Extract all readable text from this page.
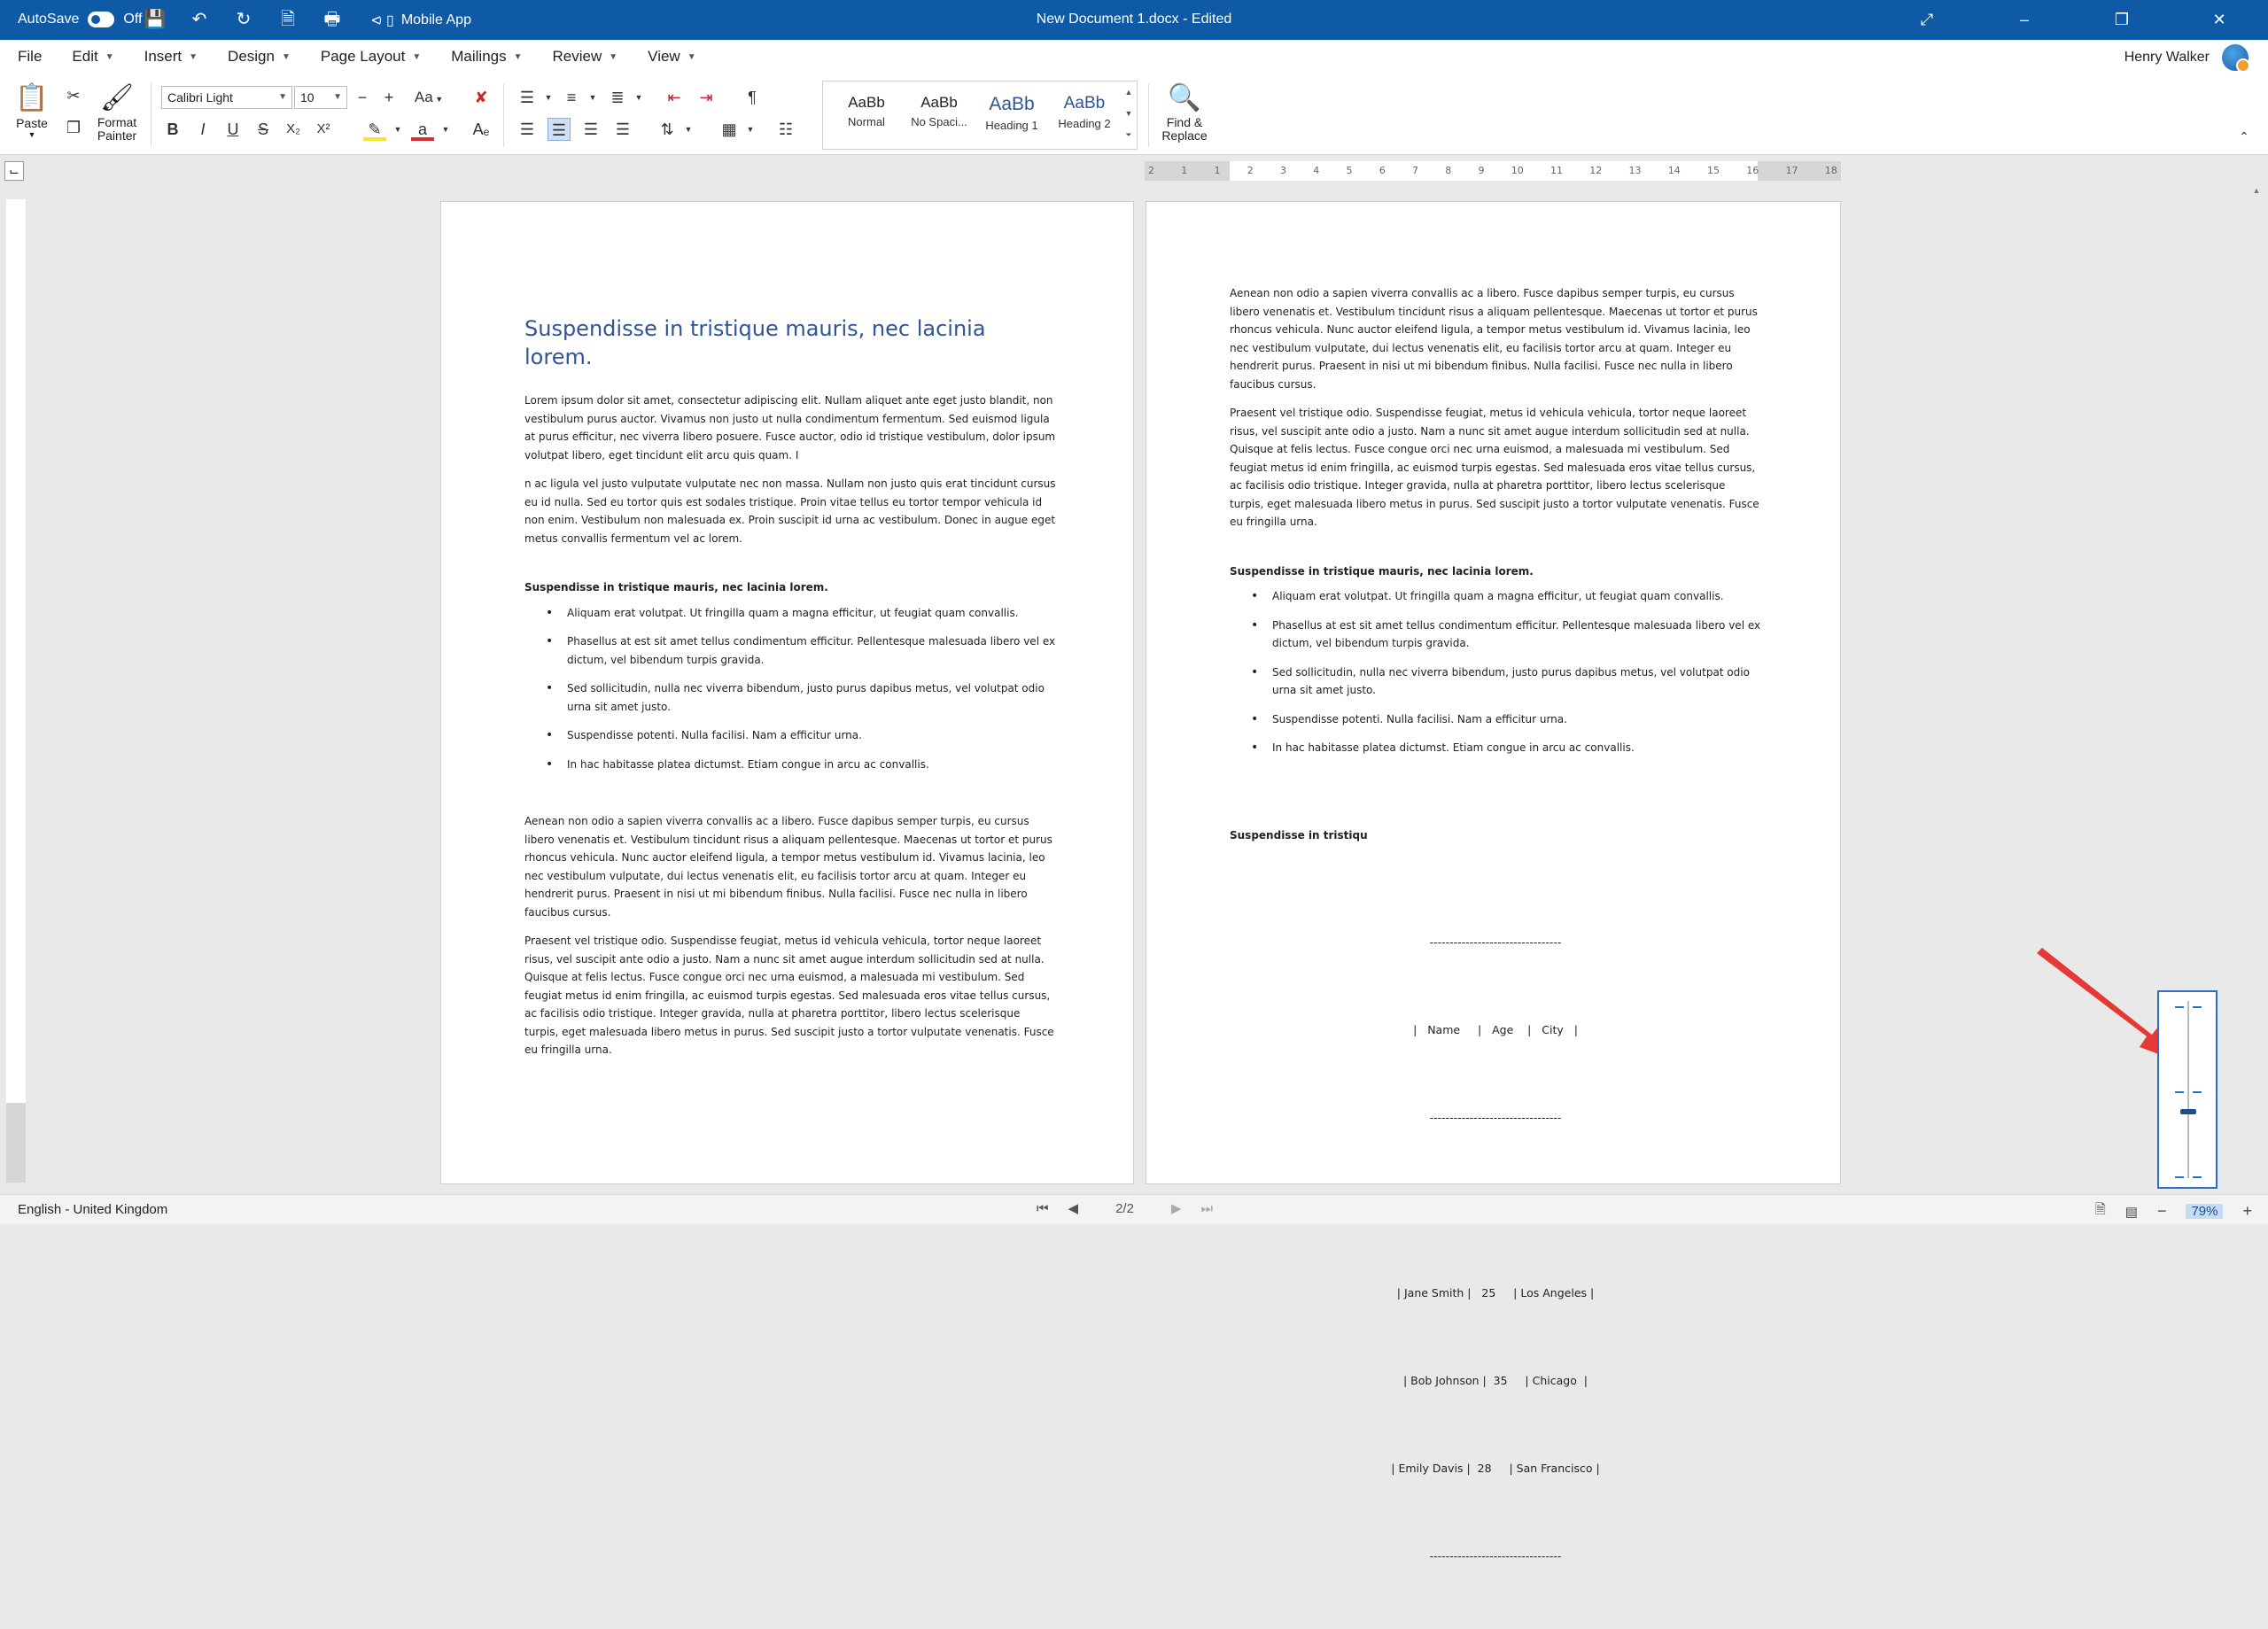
AutoSave	Off 💾	↶	↻	🗎	🖶	⪦ ▯ Mobile App	New Document 1.docx - Edited	⤢	–	❐	✕
File Edit ▼ Insert ▼ Design ▼ Page Layout ▼ Mailings ▼ Review ▼ View ▼	Henry Walker
📋
Paste
▼
✂
❐
🖌
Format
Painter
Calibri Light	▼	10 ▼ −	+	Aa ▼	✘
B	I	U	S	X₂	X²	✎	▼	a	▼	Aₑ
☰	▼ ≡	▼ ≣	▼	⇤	⇥	¶
☰ ☰ ☰ ☰	⇅	▼	▦	▼	☷
AaBb
Normal
AaBb
No Spaci...
AaBb
Heading 1
AaBb
Heading 2
▲
▼
⏷
🔍
Find &
Replace	⌃
⌙	2	1	1	2	3	4	5	6	7	8	9	10	11	12	13	14	15	16	17	18
Suspendisse in tristique mauris, nec lacinia lorem.

Lorem ipsum dolor sit amet, consectetur adipiscing elit. Nullam aliquet ante eget justo blandit, non vestibulum purus auctor. Vivamus non justo ut nulla condimentum fermentum. Sed euismod ligula at purus efficitur, nec viverra libero posuere. Fusce auctor, odio id tristique vestibulum, dolor ipsum volutpat libero, eget tincidunt elit arcu quis quam. I

n ac ligula vel justo vulputate vulputate nec non massa. Nullam non justo quis erat tincidunt cursus eu id nulla. Sed eu tortor quis est sodales tristique. Proin vitae tellus eu tortor tempor vehicula id non enim. Vestibulum non malesuada ex. Proin suscipit id urna ac vestibulum. Donec in augue eget metus convallis fermentum vel ac lorem.

Suspendisse in tristique mauris, nec lacinia lorem.

• Aliquam erat volutpat. Ut fringilla quam a magna efficitur, ut feugiat quam convallis.
• Phasellus at est sit amet tellus condimentum efficitur. Pellentesque malesuada libero vel ex dictum, vel bibendum turpis gravida.
• Sed sollicitudin, nulla nec viverra bibendum, justo purus dapibus metus, vel volutpat odio urna sit amet justo.
• Suspendisse potenti. Nulla facilisi. Nam a efficitur urna.
• In hac habitasse platea dictumst. Etiam congue in arcu ac convallis.

Aenean non odio a sapien viverra convallis ac a libero. Fusce dapibus semper turpis, eu cursus libero venenatis et. Vestibulum tincidunt risus a aliquam pellentesque. Maecenas ut tortor et purus rhoncus vehicula. Nunc auctor eleifend ligula, a tempor metus vestibulum id. Vivamus lacinia, leo nec vestibulum vulputate, dui lectus venenatis elit, eu facilisis tortor arcu at quam. Integer eu hendrerit purus. Praesent in nisi ut mi bibendum finibus. Nulla facilisi. Fusce nec nulla in libero faucibus cursus.

Praesent vel tristique odio. Suspendisse feugiat, metus id vehicula vehicula, tortor neque laoreet risus, vel suscipit ante odio a justo. Nam a nunc sit amet augue interdum sollicitudin sed at nulla. Quisque at felis lectus. Fusce congue orci nec urna euismod, a malesuada mi vestibulum. Sed feugiat metus id enim fringilla, ac euismod turpis egestas. Sed malesuada eros vitae tellus cursus, ac facilisis odio tristique. Integer gravida, nulla at pharetra porttitor, libero lectus scelerisque turpis, eget malesuada libero metus in purus. Sed suscipit justo a tortor vulputate venenatis. Fusce eu fringilla urna.

Aenean non odio a sapien viverra convallis ac a libero. Fusce dapibus semper turpis, eu cursus libero venenatis et. Vestibulum tincidunt risus a aliquam pellentesque. Maecenas ut tortor et purus rhoncus vehicula. Nunc auctor eleifend ligula, a tempor metus vestibulum id. Vivamus lacinia, leo nec vestibulum vulputate, dui lectus venenatis elit, eu facilisis tortor arcu at quam. Integer eu hendrerit purus. Praesent in nisi ut mi bibendum finibus. Nulla facilisi. Fusce nec nulla in libero faucibus cursus.

Praesent vel tristique odio. Suspendisse feugiat, metus id vehicula vehicula, tortor neque laoreet risus, vel suscipit ante odio a justo. Nam a nunc sit amet augue interdum sollicitudin sed at nulla. Quisque at felis lectus. Fusce congue orci nec urna euismod, a malesuada mi vestibulum. Sed feugiat metus id enim fringilla, ac euismod turpis egestas. Sed malesuada eros vitae tellus cursus, ac facilisis odio tristique. Integer gravida, nulla at pharetra porttitor, libero lectus scelerisque turpis, eget malesuada libero metus in purus. Sed suscipit justo a tortor vulputate venenatis. Fusce eu fringilla urna.

Suspendisse in tristique mauris, nec lacinia lorem.

• Aliquam erat volutpat. Ut fringilla quam a magna efficitur, ut feugiat quam convallis.
• Phasellus at est sit amet tellus condimentum efficitur. Pellentesque malesuada libero vel ex dictum, vel bibendum turpis gravida.
• Sed sollicitudin, nulla nec viverra bibendum, justo purus dapibus metus, vel volutpat odio urna sit amet justo.
• Suspendisse potenti. Nulla facilisi. Nam a efficitur urna.
• In hac habitasse platea dictumst. Etiam congue in arcu ac convallis.

Suspendisse in tristiqu

---------------------------------

|   Name     |   Age    |   City   |

---------------------------------

| Jane Smith |   25     | Los Angeles |

| Bob Johnson |  35     | Chicago  |

| Emily Davis |  28     | San Francisco |

---------------------------------

▲
English - United Kingdom	⏮ ◀	2/2	▶ ⏭	🗎 ▤ −	79%	+
